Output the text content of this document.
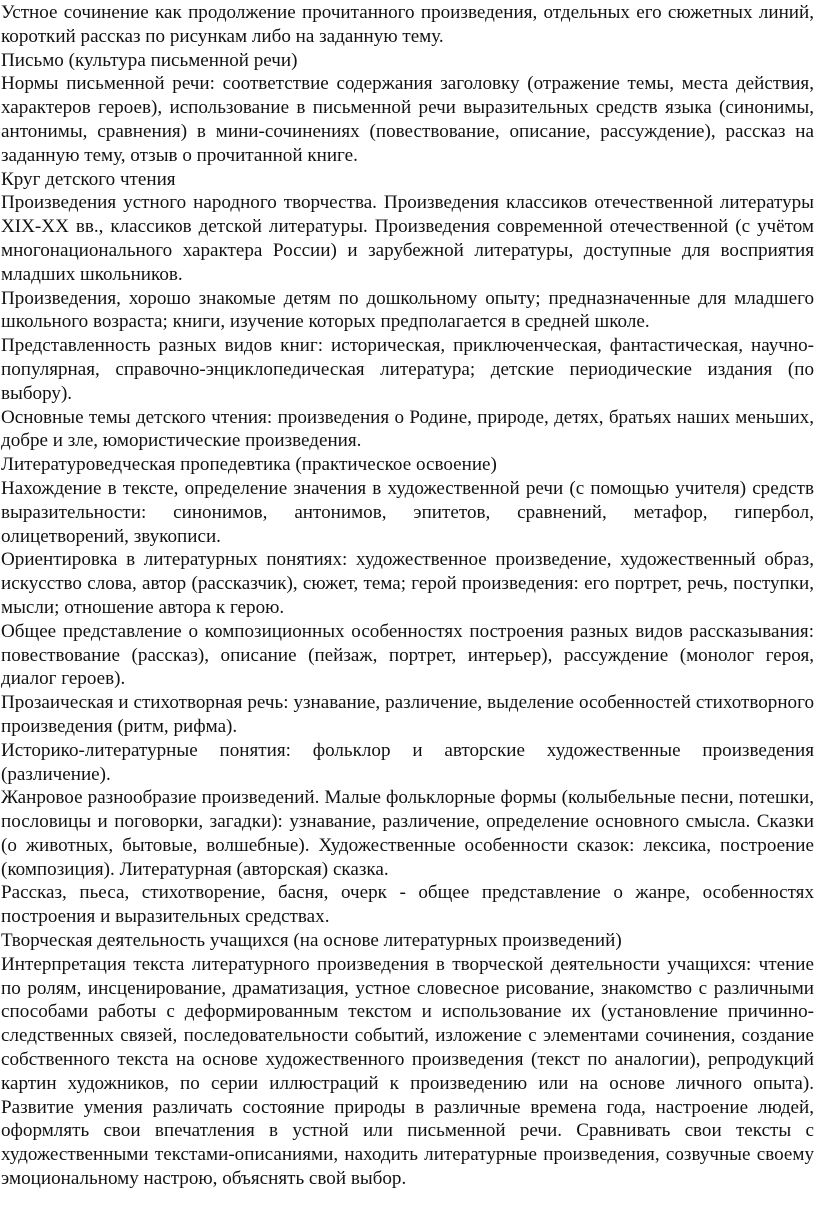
Устное сочинение как продолжение прочитанного произведения, отдельных его сюжетных линий, короткий рассказ по рисункам либо на заданную тему.

Письмо (культура письменной речи)

Нормы письменной речи: соответствие содержания заголовку (отражение темы, места действия, характеров героев), использование в письменной речи выразительных средств языка (синонимы, антонимы, сравнения) в мини-сочинениях (повествование, описание, рассуждение), рассказ на заданную тему, отзыв о прочитанной книге.

Круг детского чтения

Произведения устного народного творчества. Произведения классиков отечественной литературы XIX-XX вв., классиков детской литературы. Произведения современной отечественной (с учётом многонационального характера России) и зарубежной литературы, доступные для восприятия младших школьников.

Произведения, хорошо знакомые детям по дошкольному опыту; предназначенные для младшего школьного возраста; книги, изучение которых предполагается в средней школе.

Представленность разных видов книг: историческая, приключенческая, фантастическая, научно-популярная, справочно-энциклопедическая литература; детские периодические издания (по выбору).

Основные темы детского чтения: произведения о Родине, природе, детях, братьях наших меньших, добре и зле, юмористические произведения.

Литературоведческая пропедевтика (практическое освоение)

Нахождение в тексте, определение значения в художественной речи (с помощью учителя) средств выразительности: синонимов, антонимов, эпитетов, сравнений, метафор, гипербол, олицетворений, звукописи.

Ориентировка в литературных понятиях: художественное произведение, художественный образ, искусство слова, автор (рассказчик), сюжет, тема; герой произведения: его портрет, речь, поступки, мысли; отношение автора к герою.

Общее представление о композиционных особенностях построения разных видов рассказывания: повествование (рассказ), описание (пейзаж, портрет, интерьер), рассуждение (монолог героя, диалог героев).

Прозаическая и стихотворная речь: узнавание, различение, выделение особенностей стихотворного произведения (ритм, рифма).

Историко-литературные понятия: фольклор и авторские художественные произведения (различение).

Жанровое разнообразие произведений. Малые фольклорные формы (колыбельные песни, потешки, пословицы и поговорки, загадки): узнавание, различение, определение основного смысла. Сказки (о животных, бытовые, волшебные). Художественные особенности сказок: лексика, построение (композиция). Литературная (авторская) сказка.

Рассказ, пьеса, стихотворение, басня, очерк - общее представление о жанре, особенностях построения и выразительных средствах.

Творческая деятельность учащихся (на основе литературных произведений)

Интерпретация текста литературного произведения в творческой деятельности учащихся: чтение по ролям, инсценирование, драматизация, устное словесное рисование, знакомство с различными способами работы с деформированным текстом и использование их (установление причинно-следственных связей, последовательности событий, изложение с элементами сочинения, создание собственного текста на основе художественного произведения (текст по аналогии), репродукций картин художников, по серии иллюстраций к произведению или на основе личного опыта). Развитие умения различать состояние природы в различные времена года, настроение людей, оформлять свои впечатления в устной или письменной речи. Сравнивать свои тексты с художественными текстами-описаниями, находить литературные произведения, созвучные своему эмоциональному настрою, объяснять свой выбор.
